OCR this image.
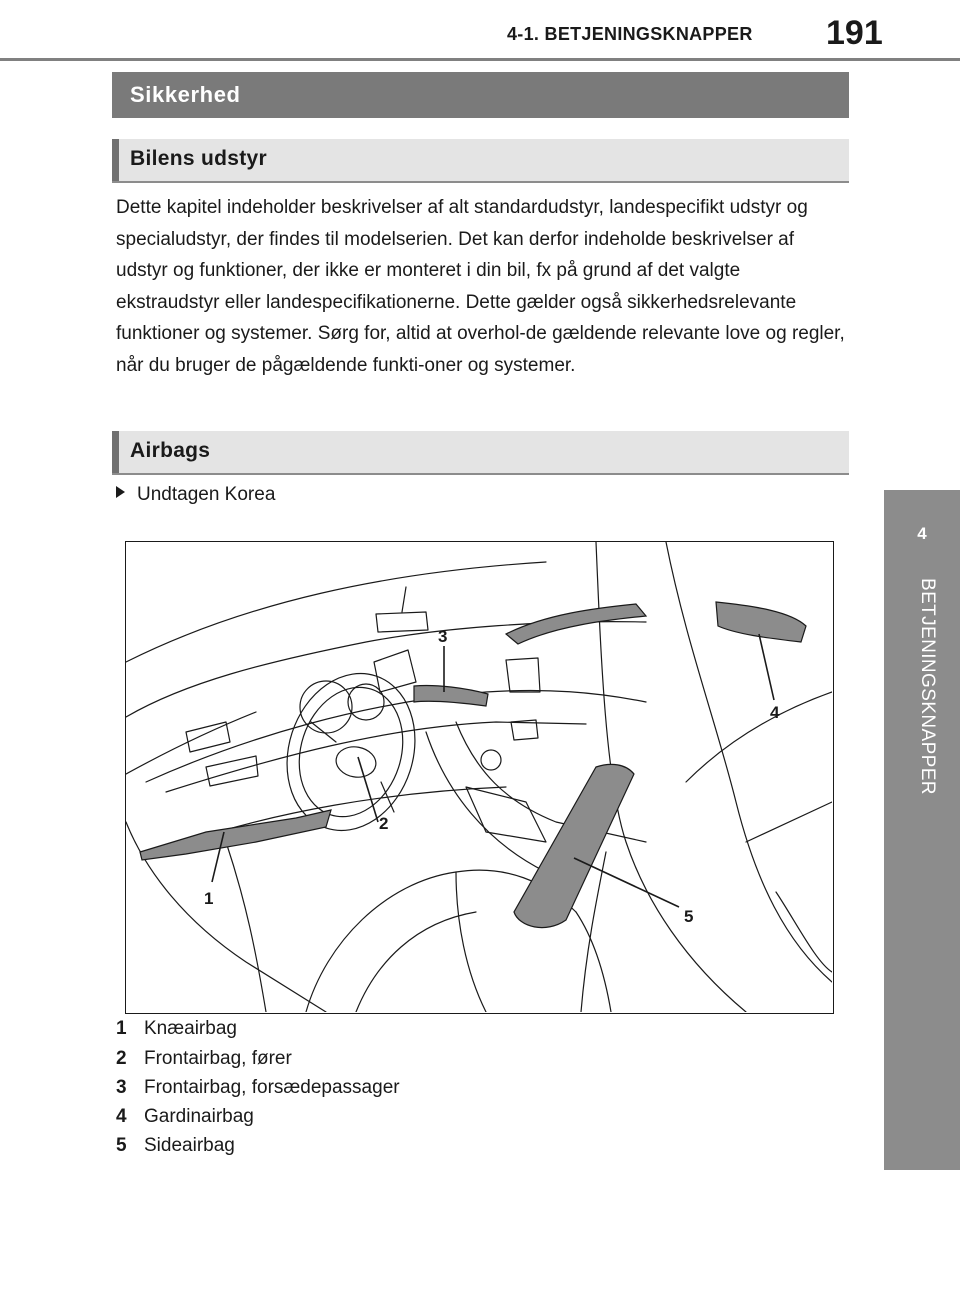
4-1. BETJENINGSKNAPPER 191
4
BETJENINGSKNAPPER
Sikkerhed
Bilens udstyr
Dette kapitel indeholder beskrivelser af alt standardudstyr, landespecifikt udstyr og specialudstyr, der findes til modelserien. Det kan derfor indeholde beskrivelser af udstyr og funktioner, der ikke er monteret i din bil, fx på grund af det valgte ekstraudstyr eller landespecifikationerne. Dette gælder også sikkerhedsrelevante funktioner og systemer. Sørg for, altid at overhol-de gældende relevante love og regler, når du bruger de pågældende funkti-oner og systemer.
Airbags
Undtagen Korea
1
2
3
4
5
1 Knæairbag
2 Frontairbag, fører
3 Frontairbag, forsædepassager
4 Gardinairbag
5 Sideairbag
